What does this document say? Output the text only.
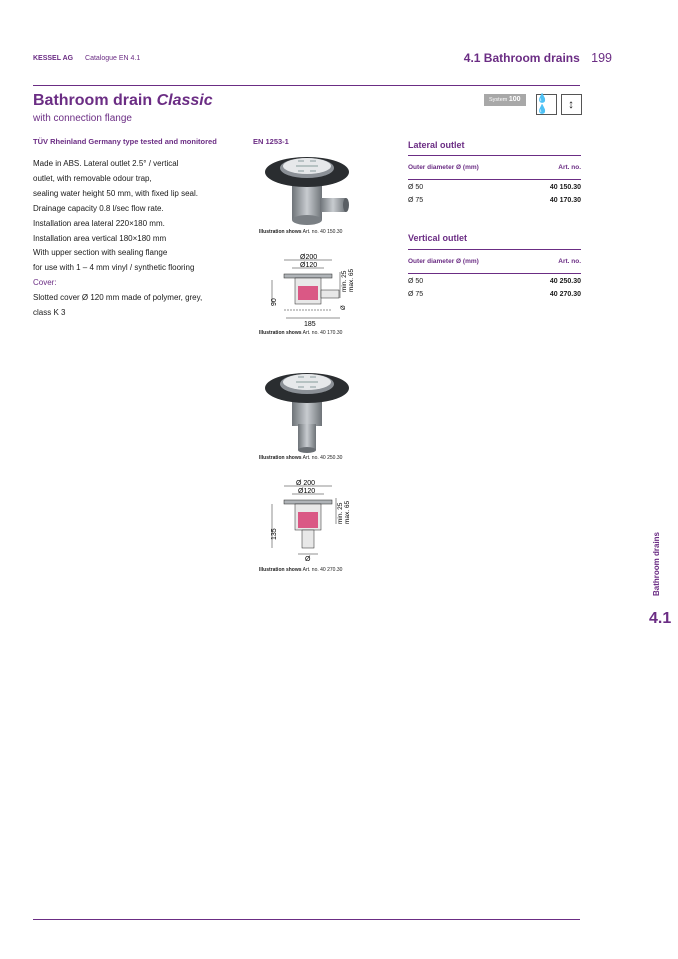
KESSEL AG Catalogue EN 4.1	4.1 Bathroom drains 199
Bathroom drain Classic
with connection flange
System 100	💧💧	↕
TÜV Rheinland Germany type tested and monitored	EN 1253-1
Made in ABS. Lateral outlet 2.5° / vertical
outlet, with removable odour trap,
sealing water height 50 mm, with fixed lip seal.
Drainage capacity 0.8 l/sec flow rate.
Installation area lateral 220×180 mm.
Installation area vertical 180×180 mm
With upper section with sealing flange
for use with 1 – 4 mm vinyl / synthetic flooring
Cover:
Slotted cover Ø 120 mm made of polymer, grey,
class K 3
Illustration shows Art. no. 40 150.30
Ø200
Ø120
90
min. 25 max. 65
Ø
185
Illustration shows Art. no. 40 170.30
Illustration shows Art. no. 40 250.30
Ø 200
Ø120
135
min. 25 max. 65
Ø
Illustration shows Art. no. 40 270.30
Lateral outlet
Outer diameter Ø (mm)	Art. no.
Ø 50	40 150.30
Ø 75	40 170.30
Vertical outlet
Outer diameter Ø (mm)	Art. no.
Ø 50	40 250.30
Ø 75	40 270.30
Bathroom drains
4.1
